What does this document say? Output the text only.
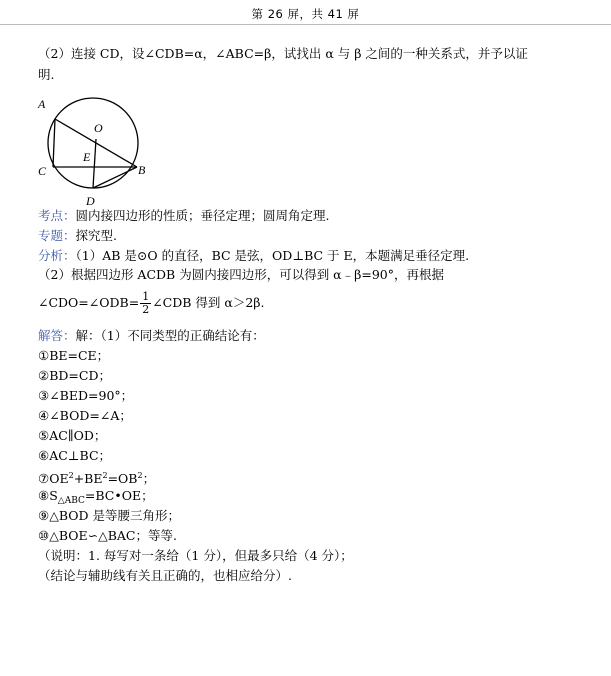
第 26 屏，共 41 屏
（2）连接 CD，设∠CDB=α，∠ABC=β，试找出 α 与 β 之间的一种关系式，并予以证
明.
A
O
E
C	B
D
考点：圆内接四边形的性质；垂径定理；圆周角定理.
专题：探究型.
分析：（1）AB 是⊙O 的直径，BC 是弦，OD⊥BC 于 E，本题满足垂径定理.
（2）根据四边形 ACDB 为圆内接四边形，可以得到 α﹣β=90°，再根据
∠CDO=∠ODB= $\frac{1}{2}$ ∠CDB 得到 α＞2β.
解答：解：（1）不同类型的正确结论有：
①BE=CE；
②BD=CD；
③∠BED=90°；
④∠BOD=∠A；
⑤AC∥OD；
⑥AC⊥BC；
$⑦OE^2+BE^2=OB^2$；
$⑧S_{\triangle ABC}=BC•OE$；
⑨△BOD 是等腰三角形；
⑩△BOE∽△BAC；等等.
（说明：1. 每写对一条给（1 分），但最多只给（4 分）；
（结论与辅助线有关且正确的，也相应给分）.
